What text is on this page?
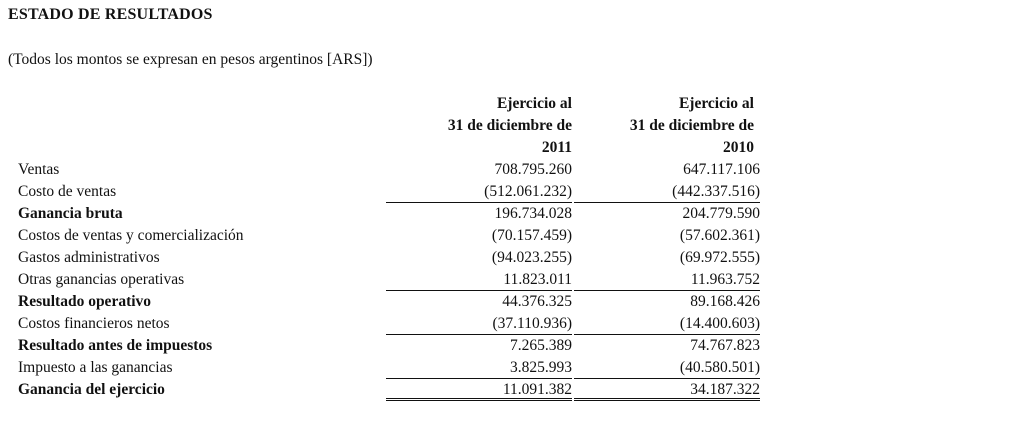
ESTADO DE RESULTADOS
(Todos los montos se expresan en pesos argentinos [ARS])
Ejercicio al
31 de diciembre de
2011
Ejercicio al
31 de diciembre de
2010
Ventas	708.795.260	647.117.106
Costo de ventas	(512.061.232)	(442.337.516)
Ganancia bruta	196.734.028	204.779.590
Costos de ventas y comercialización	(70.157.459)	(57.602.361)
Gastos administrativos	(94.023.255)	(69.972.555)
Otras ganancias operativas	11.823.011	11.963.752
Resultado operativo	44.376.325	89.168.426
Costos financieros netos	(37.110.936)	(14.400.603)
Resultado antes de impuestos	7.265.389	74.767.823
Impuesto a las ganancias	3.825.993	(40.580.501)
Ganancia del ejercicio	11.091.382	34.187.322
